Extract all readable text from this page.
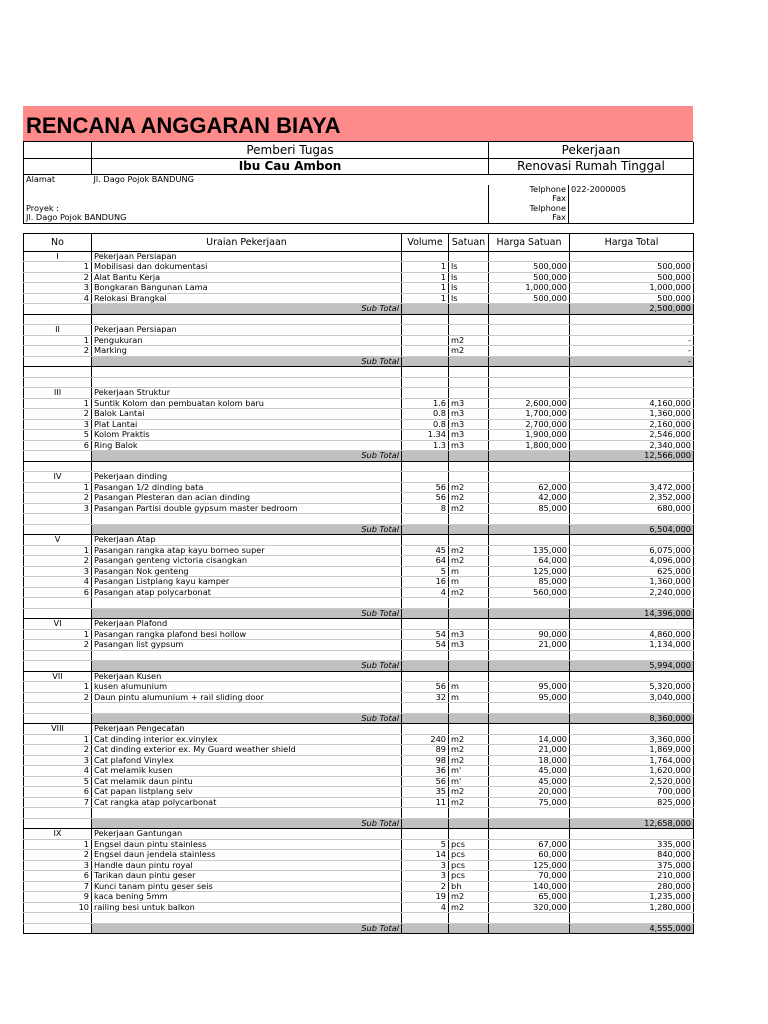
RENCANA ANGGARAN BIAYA
	Pemberi Tugas	Pekerjaan	
	Ibu Cau Ambon	Renovasi Rumah Tinggal	
Alamat	Jl. Dago Pojok BANDUNG		
		Telphone	022-2000005
		Fax	
Proyek :		Telphone	
Jl. Dago Pojok BANDUNG		Fax	
No	Uraian Pekerjaan	Volume	Satuan	Harga Satuan	Harga Total
I	Pekerjaan Persiapan				
1	Mobilisasi dan dokumentasi	1	ls	500,000	500,000
2	Alat Bantu Kerja	1	ls	500,000	500,000
3	Bongkaran Bangunan Lama	1	ls	1,000,000	1,000,000
4	Relokasi Brangkal	1	ls	500,000	500,000
	Sub Total				2,500,000

II	Pekerjaan Persiapan				
1	Pengukuran		m2		-
2	Marking		m2		-
	Sub Total				-

III	Pekerjaan Struktur				
1	Suntik Kolom dan pembuatan kolom baru	1.6	m3	2,600,000	4,160,000
2	Balok Lantai	0.8	m3	1,700,000	1,360,000
3	Plat Lantai	0.8	m3	2,700,000	2,160,000
5	Kolom Praktis	1.34	m3	1,900,000	2,546,000
6	Ring Balok	1.3	m3	1,800,000	2,340,000
	Sub Total				12,566,000

IV	Pekerjaan dinding				
1	Pasangan 1/2 dinding bata	56	m2	62,000	3,472,000
2	Pasangan Plesteran dan acian dinding	56	m2	42,000	2,352,000
3	Pasangan Partisi double gypsum master bedroom	8	m2	85,000	680,000

	Sub Total				6,504,000
V	Pekerjaan Atap				
1	Pasangan rangka atap kayu borneo super	45	m2	135,000	6,075,000
2	Pasangan genteng victoria cisangkan	64	m2	64,000	4,096,000
3	Pasangan Nok genteng	5	m	125,000	625,000
4	Pasangan Listplang kayu kamper	16	m	85,000	1,360,000
6	Pasangan atap polycarbonat	4	m2	560,000	2,240,000

	Sub Total				14,396,000
VI	Pekerjaan Plafond				
1	Pasangan rangka plafond besi hollow	54	m3	90,000	4,860,000
2	Pasangan list gypsum	54	m3	21,000	1,134,000

	Sub Total				5,994,000
VII	Pekerjaan Kusen				
1	kusen alumunium	56	m	95,000	5,320,000
2	Daun pintu alumunium + rail sliding door	32	m	95,000	3,040,000

	Sub Total				8,360,000
VIII	Pekerjaan Pengecatan				
1	Cat dinding interior ex.vinylex	240	m2	14,000	3,360,000
2	Cat dinding exterior ex. My Guard weather shield	89	m2	21,000	1,869,000
3	Cat plafond Vinylex	98	m2	18,000	1,764,000
4	Cat melamik kusen	36	m'	45,000	1,620,000
5	Cat melamik daun pintu	56	m'	45,000	2,520,000
6	Cat papan listplang seiv	35	m2	20,000	700,000
7	Cat rangka atap polycarbonat	11	m2	75,000	825,000

	Sub Total				12,658,000
IX	Pekerjaan Gantungan				
1	Engsel daun pintu stainless	5	pcs	67,000	335,000
2	Engsel daun jendela stainless	14	pcs	60,000	840,000
3	Handle daun pintu royal	3	pcs	125,000	375,000
6	Tarikan daun pintu geser	3	pcs	70,000	210,000
7	Kunci tanam pintu geser seis	2	bh	140,000	280,000
9	kaca bening 5mm	19	m2	65,000	1,235,000
10	railing besi untuk balkon	4	m2	320,000	1,280,000

	Sub Total				4,555,000
